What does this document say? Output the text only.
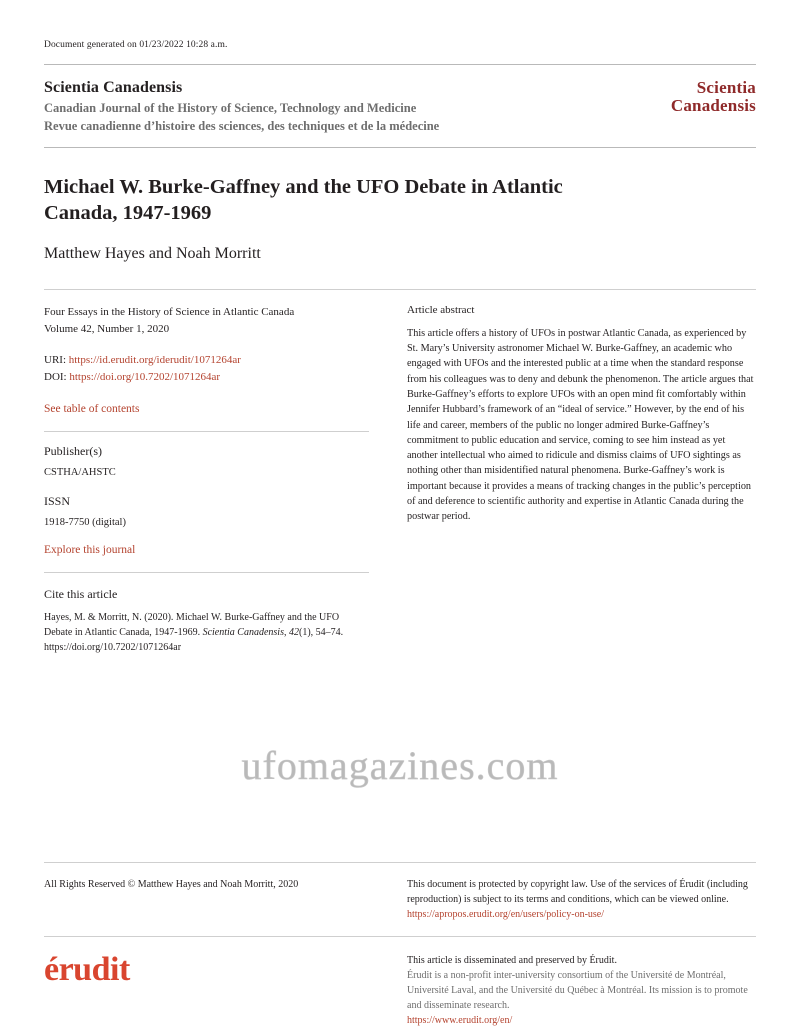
Document generated on 01/23/2022 10:28 a.m.
Scientia Canadensis
Canadian Journal of the History of Science, Technology and Medicine
Revue canadienne d’histoire des sciences, des techniques et de la médecine
Scientia
Canadensis
Michael W. Burke-Gaffney and the UFO Debate in Atlantic Canada, 1947-1969
Matthew Hayes and Noah Morritt
Four Essays in the History of Science in Atlantic Canada
Volume 42, Number 1, 2020
URI: https://id.erudit.org/iderudit/1071264ar
DOI: https://doi.org/10.7202/1071264ar
See table of contents
Publisher(s)
CSTHA/AHSTC
ISSN
1918-7750 (digital)
Explore this journal
Cite this article
Hayes, M. & Morritt, N. (2020). Michael W. Burke-Gaffney and the UFO Debate in Atlantic Canada, 1947-1969. Scientia Canadensis, 42(1), 54–74.
https://doi.org/10.7202/1071264ar
Article abstract
This article offers a history of UFOs in postwar Atlantic Canada, as experienced by St. Mary’s University astronomer Michael W. Burke-Gaffney, an academic who engaged with UFOs and the interested public at a time when the standard response from his colleagues was to deny and debunk the phenomenon. The article argues that Burke-Gaffney’s efforts to explore UFOs with an open mind fit comfortably within Jennifer Hubbard’s framework of an “ideal of service.” However, by the end of his life and career, members of the public no longer admired Burke-Gaffney’s commitment to public education and service, coming to see him instead as yet another intellectual who aimed to ridicule and dismiss claims of UFO sightings as nothing other than misidentified natural phenomena. Burke-Gaffney’s work is important because it provides a means of tracking changes in the public’s perception of and deference to scientific authority and expertise in Atlantic Canada during the postwar period.
ufomagazines.com
All Rights Reserved © Matthew Hayes and Noah Morritt, 2020	This document is protected by copyright law. Use of the services of Érudit (including reproduction) is subject to its terms and conditions, which can be viewed online.
https://apropos.erudit.org/en/users/policy-on-use/
érudit	This article is disseminated and preserved by Érudit.
Érudit is a non-profit inter-university consortium of the Université de Montréal, Université Laval, and the Université du Québec à Montréal. Its mission is to promote and disseminate research.
https://www.erudit.org/en/
